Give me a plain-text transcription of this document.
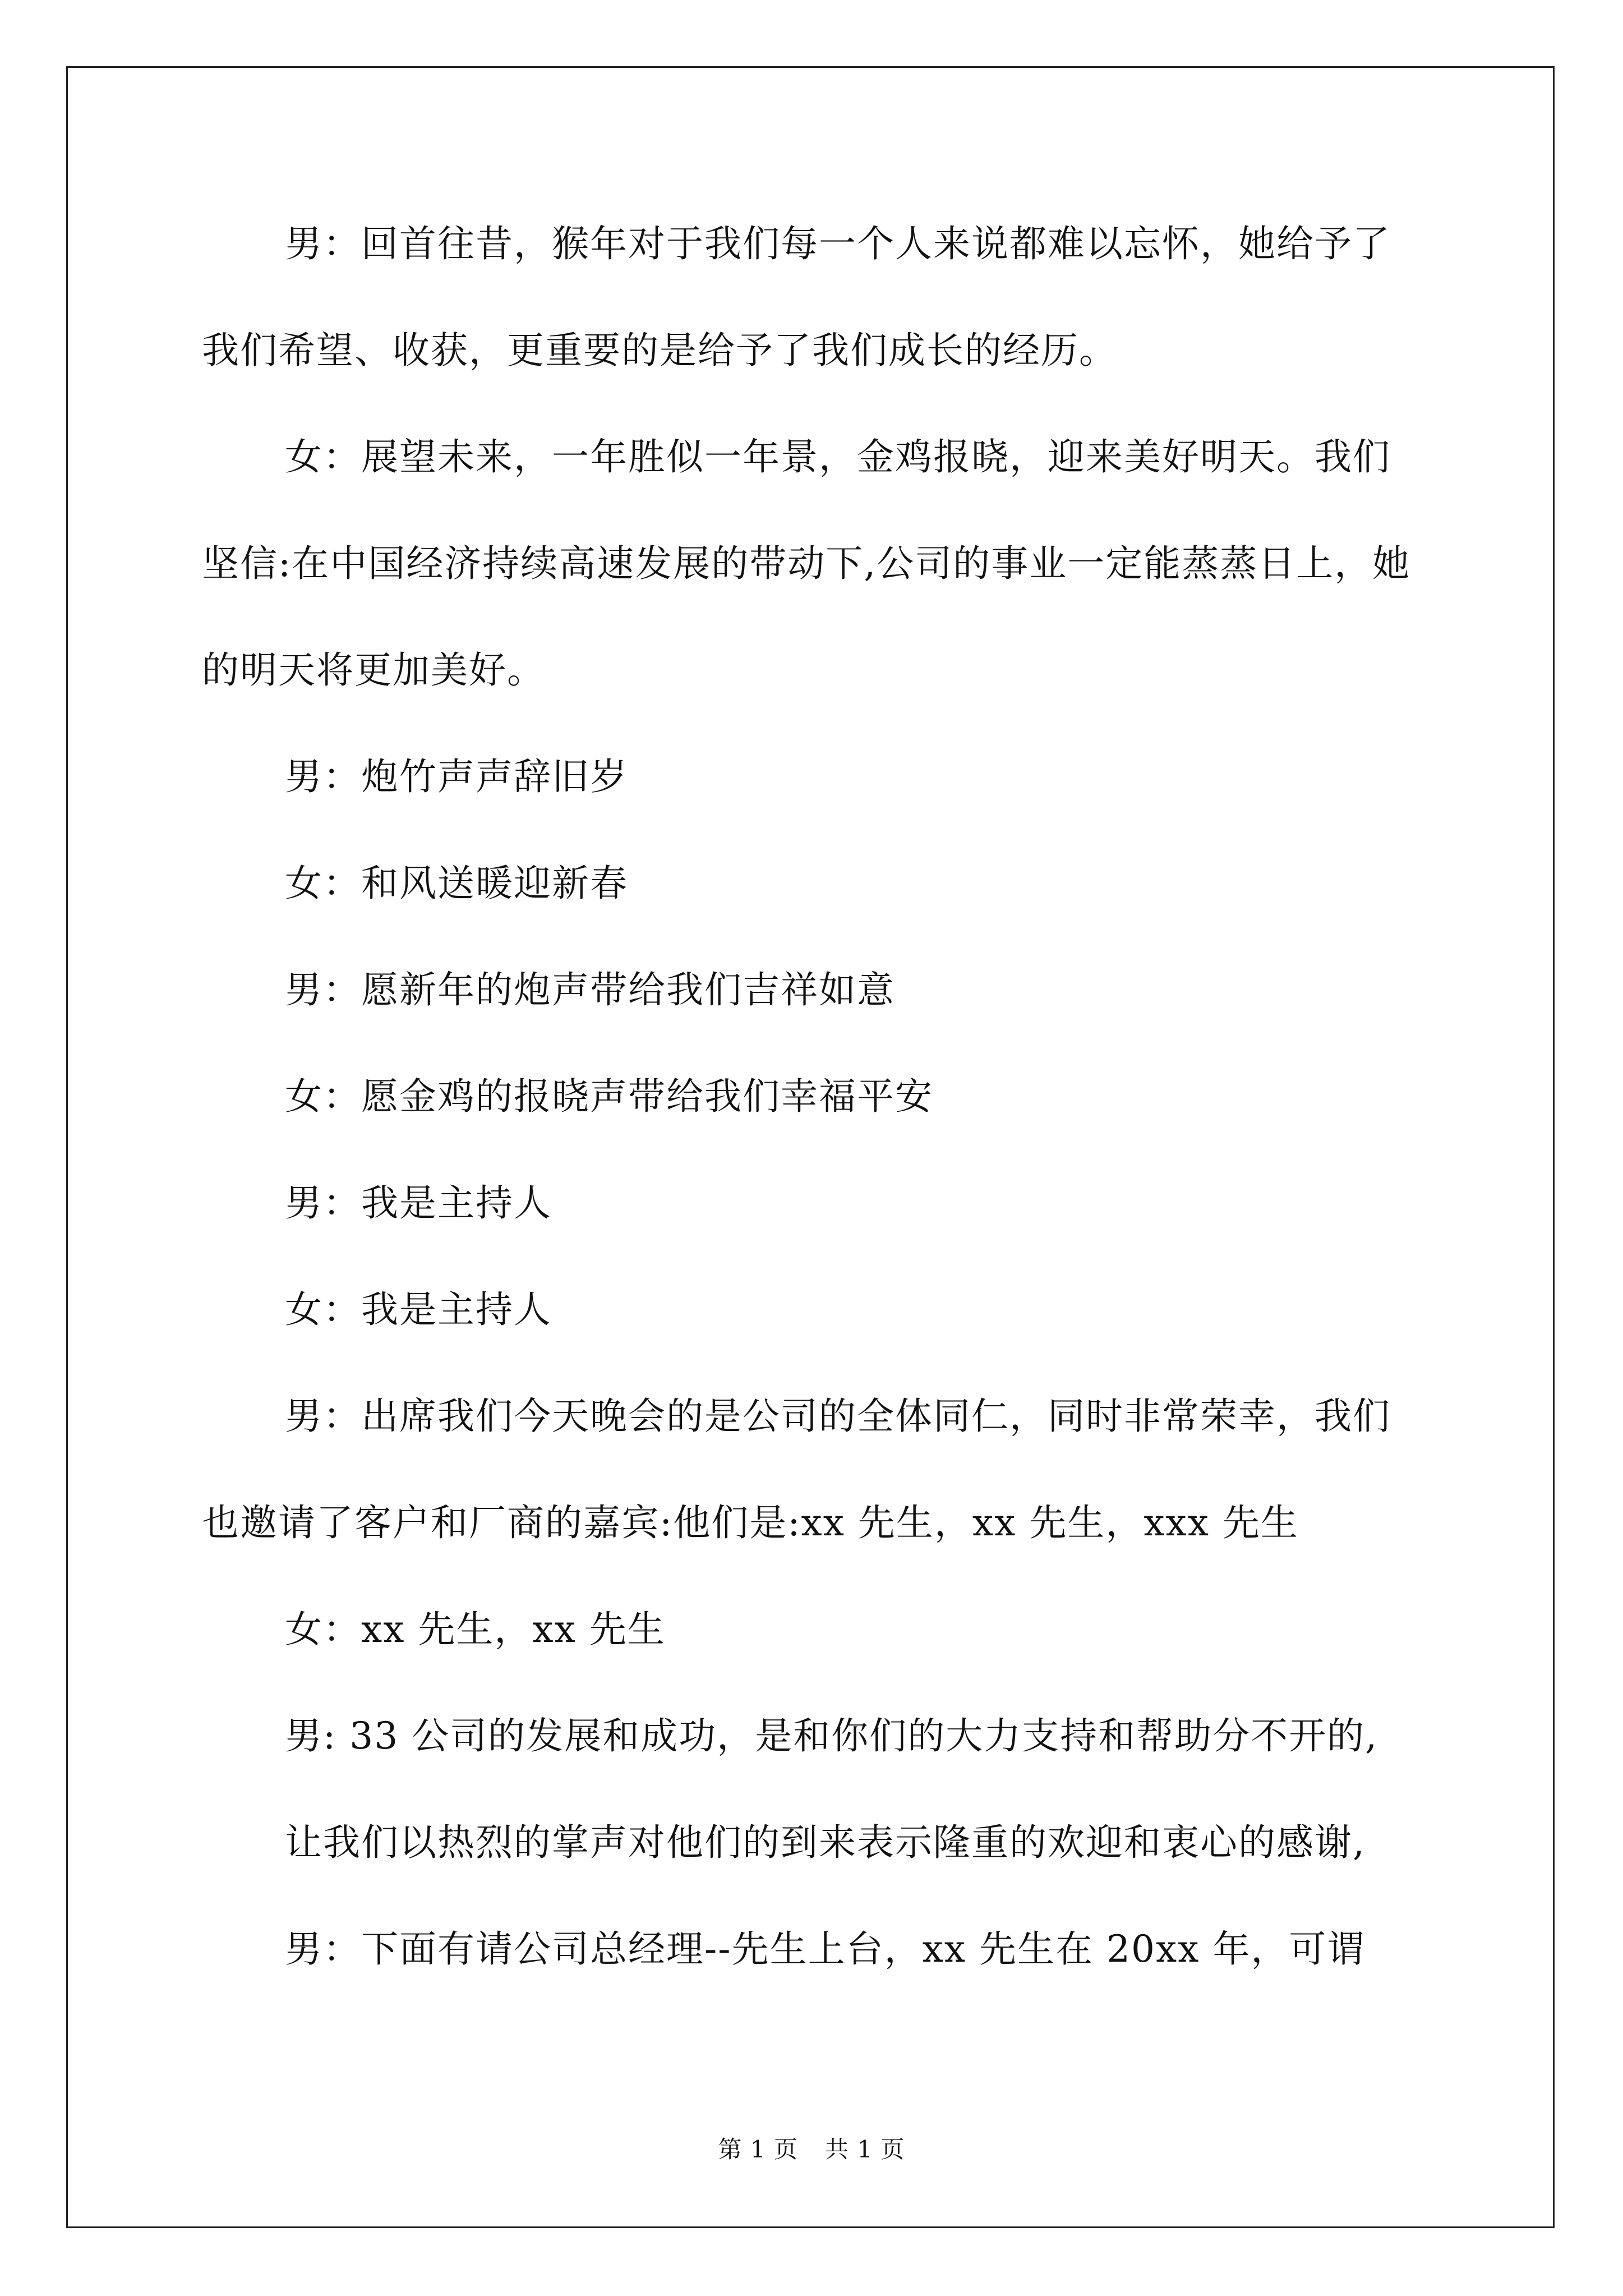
男：回首往昔，猴年对于我们每一个人来说都难以忘怀，她给予了我们希望、收获，更重要的是给予了我们成长的经历。

女：展望未来，一年胜似一年景，金鸡报晓，迎来美好明天。我们坚信:在中国经济持续高速发展的带动下,公司的事业一定能蒸蒸日上，她的明天将更加美好。

男：炮竹声声辞旧岁

女：和风送暖迎新春

男：愿新年的炮声带给我们吉祥如意

女：愿金鸡的报晓声带给我们幸福平安

男：我是主持人

女：我是主持人

男：出席我们今天晚会的是公司的全体同仁，同时非常荣幸，我们也邀请了客户和厂商的嘉宾:他们是:xx 先生，xx 先生，xxx 先生

女：xx 先生，xx 先生

男: 33 公司的发展和成功，是和你们的大力支持和帮助分不开的,

让我们以热烈的掌声对他们的到来表示隆重的欢迎和衷心的感谢,

男：下面有请公司总经理--先生上台，xx 先生在 20xx 年，可谓

第 1 页 共 1 页
